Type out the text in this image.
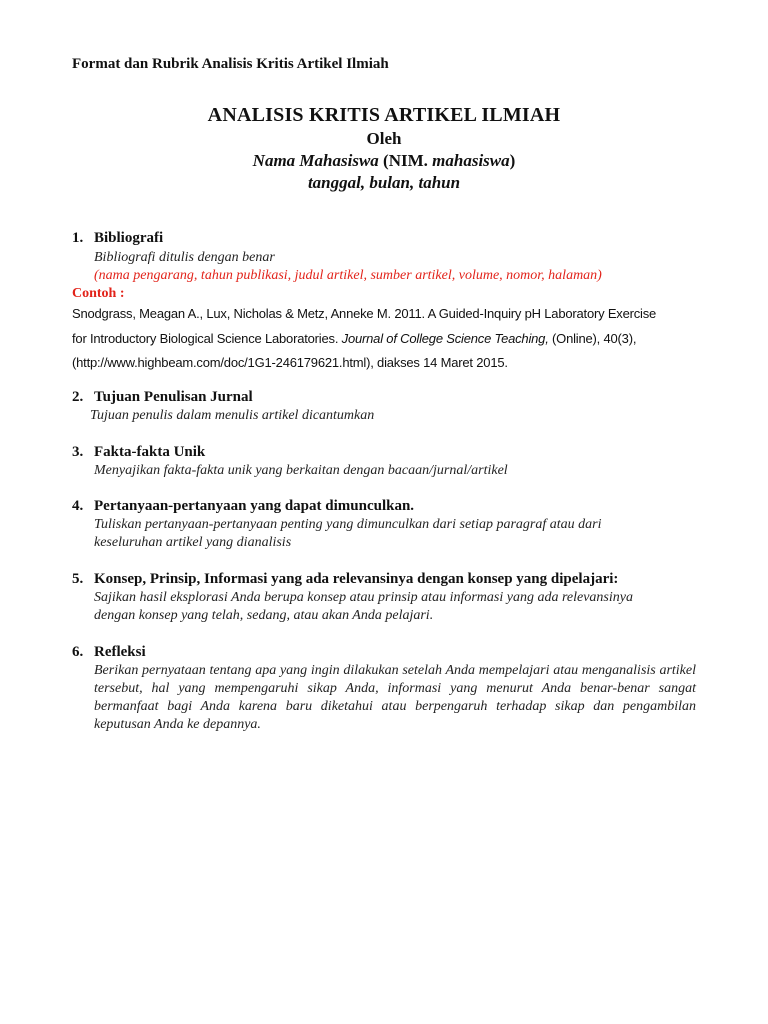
Format dan Rubrik Analisis Kritis Artikel Ilmiah
ANALISIS KRITIS ARTIKEL ILMIAH
Oleh
Nama Mahasiswa (NIM. mahasiswa)
tanggal, bulan, tahun
1. Bibliografi
Bibliografi ditulis dengan benar
(nama pengarang, tahun publikasi, judul artikel, sumber artikel, volume, nomor, halaman)
Contoh :
Snodgrass, Meagan A., Lux, Nicholas & Metz, Anneke M. 2011. A Guided-Inquiry pH Laboratory Exercise
for Introductory Biological Science Laboratories. Journal of College Science Teaching, (Online), 40(3),
(http://www.highbeam.com/doc/1G1-246179621.html), diakses 14 Maret 2015.
2. Tujuan Penulisan Jurnal
Tujuan penulis dalam menulis artikel dicantumkan
3. Fakta-fakta Unik
Menyajikan fakta-fakta unik yang berkaitan dengan bacaan/jurnal/artikel
4. Pertanyaan-pertanyaan yang dapat dimunculkan.
Tuliskan pertanyaan-pertanyaan penting yang dimunculkan dari setiap paragraf atau dari
keseluruhan artikel yang dianalisis
5. Konsep, Prinsip, Informasi yang ada relevansinya dengan konsep yang dipelajari:
Sajikan hasil eksplorasi Anda berupa konsep atau prinsip atau informasi yang ada relevansinya
dengan konsep yang telah, sedang, atau akan Anda pelajari.
6. Refleksi
Berikan pernyataan tentang apa yang ingin dilakukan setelah Anda mempelajari atau menganalisis artikel tersebut, hal yang mempengaruhi sikap Anda, informasi yang menurut Anda benar-benar sangat bermanfaat bagi Anda karena baru diketahui atau berpengaruh terhadap sikap dan pengambilan keputusan Anda ke depannya.
